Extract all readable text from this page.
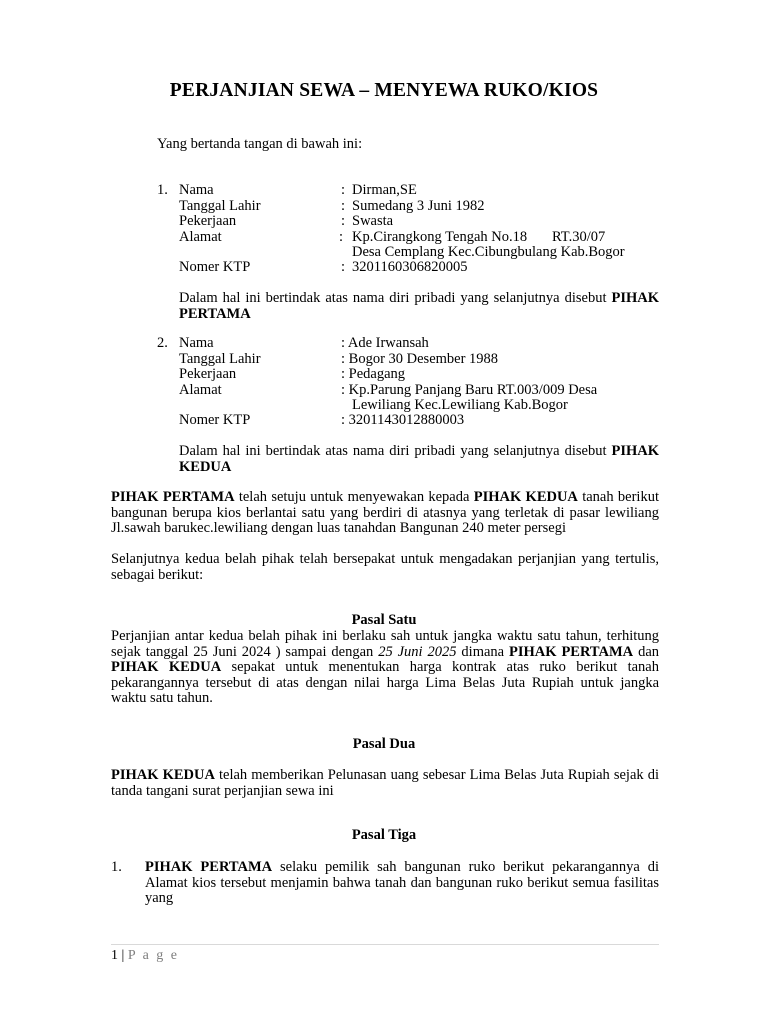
PERJANJIAN SEWA – MENYEWA RUKO/KIOS
Yang bertanda tangan di bawah ini:
1. Nama	: Dirman,SE
Tanggal Lahir	: Sumedang 3 Juni 1982
Pekerjaan	: Swasta
Alamat	: Kp.Cirangkong Tengah No.18 RT.30/07
Desa Cemplang Kec.Cibungbulang Kab.Bogor
Nomer KTP	: 3201160306820005

Dalam hal ini bertindak atas nama diri pribadi yang selanjutnya disebut PIHAK PERTAMA

2. Nama	: Ade Irwansah
Tanggal Lahir	: Bogor 30 Desember 1988
Pekerjaan	: Pedagang
Alamat	: Kp.Parung Panjang Baru RT.003/009 Desa
Lewiliang Kec.Lewiliang Kab.Bogor
Nomer KTP	: 3201143012880003

Dalam hal ini bertindak atas nama diri pribadi yang selanjutnya disebut PIHAK KEDUA

PIHAK PERTAMA telah setuju untuk menyewakan kepada PIHAK KEDUA tanah berikut bangunan berupa kios berlantai satu yang berdiri di atasnya yang terletak di pasar lewiliang Jl.sawah barukec.lewiliang dengan luas tanahdan Bangunan 240 meter persegi

Selanjutnya kedua belah pihak telah bersepakat untuk mengadakan perjanjian yang tertulis, sebagai berikut:

Pasal Satu

Perjanjian antar kedua belah pihak ini berlaku sah untuk jangka waktu satu tahun, terhitung sejak tanggal 25 Juni 2024 ) sampai dengan 25 Juni 2025 dimana PIHAK PERTAMA dan PIHAK KEDUA sepakat untuk menentukan harga kontrak atas ruko berikut tanah pekarangannya tersebut di atas dengan nilai harga Lima Belas Juta Rupiah untuk jangka waktu satu tahun.

Pasal Dua

PIHAK KEDUA telah memberikan Pelunasan uang sebesar Lima Belas Juta Rupiah sejak di tanda tangani surat perjanjian sewa ini

Pasal Tiga
1. PIHAK PERTAMA selaku pemilik sah bangunan ruko berikut pekarangannya di Alamat kios tersebut menjamin bahwa tanah dan bangunan ruko berikut semua fasilitas yang

1 | P a g e
